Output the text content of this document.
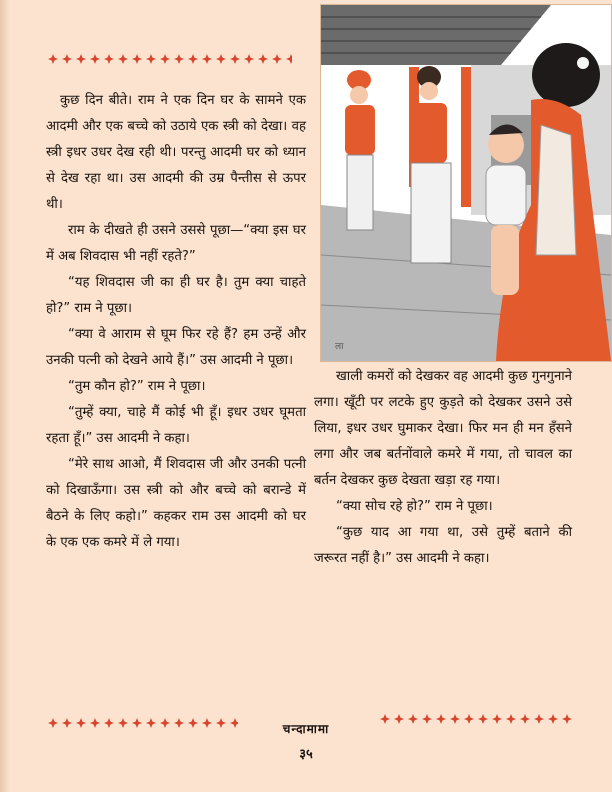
कुछ दिन बीते। राम ने एक दिन घर के सामने एक आदमी और एक बच्चे को उठाये एक स्त्री को देखा। वह स्त्री इधर उधर देख रही थी। परन्तु आदमी घर को ध्यान से देख रहा था। उस आदमी की उम्र पैन्तीस से ऊपर थी।

राम के दीखते ही उसने उससे पूछा—“क्या इस घर में अब शिवदास भी नहीं रहते?”

“यह शिवदास जी का ही घर है। तुम क्या चाहते हो?” राम ने पूछा।

“क्या वे आराम से घूम फिर रहे हैं? हम उन्हें और उनकी पत्नी को देखने आये हैं।” उस आदमी ने पूछा।

“तुम कौन हो?” राम ने पूछा।

“तुम्हें क्या, चाहे मैं कोई भी हूँ। इधर उधर घूमता रहता हूँ।” उस आदमी ने कहा।

“मेरे साथ आओ, मैं शिवदास जी और उनकी पत्नी को दिखाऊँगा। उस स्त्री को और बच्चे को बरान्डे में बैठने के लिए कहो।” कहकर राम उस आदमी को घर के एक एक कमरे में ले गया।

ला

खाली कमरों को देखकर वह आदमी कुछ गुनगुनाने लगा। खूँटी पर लटके हुए कुड़ते को देखकर उसने उसे लिया, इधर उधर घुमाकर देखा। फिर मन ही मन हँसने लगा और जब बर्तनोंवाले कमरे में गया, तो चावल का बर्तन देखकर कुछ देखता खड़ा रह गया।

“क्या सोच रहे हो?” राम ने पूछा।

“कुछ याद आ गया था, उसे तुम्हें बताने की जरूरत नहीं है।” उस आदमी ने कहा।

चन्दामामा
३५
